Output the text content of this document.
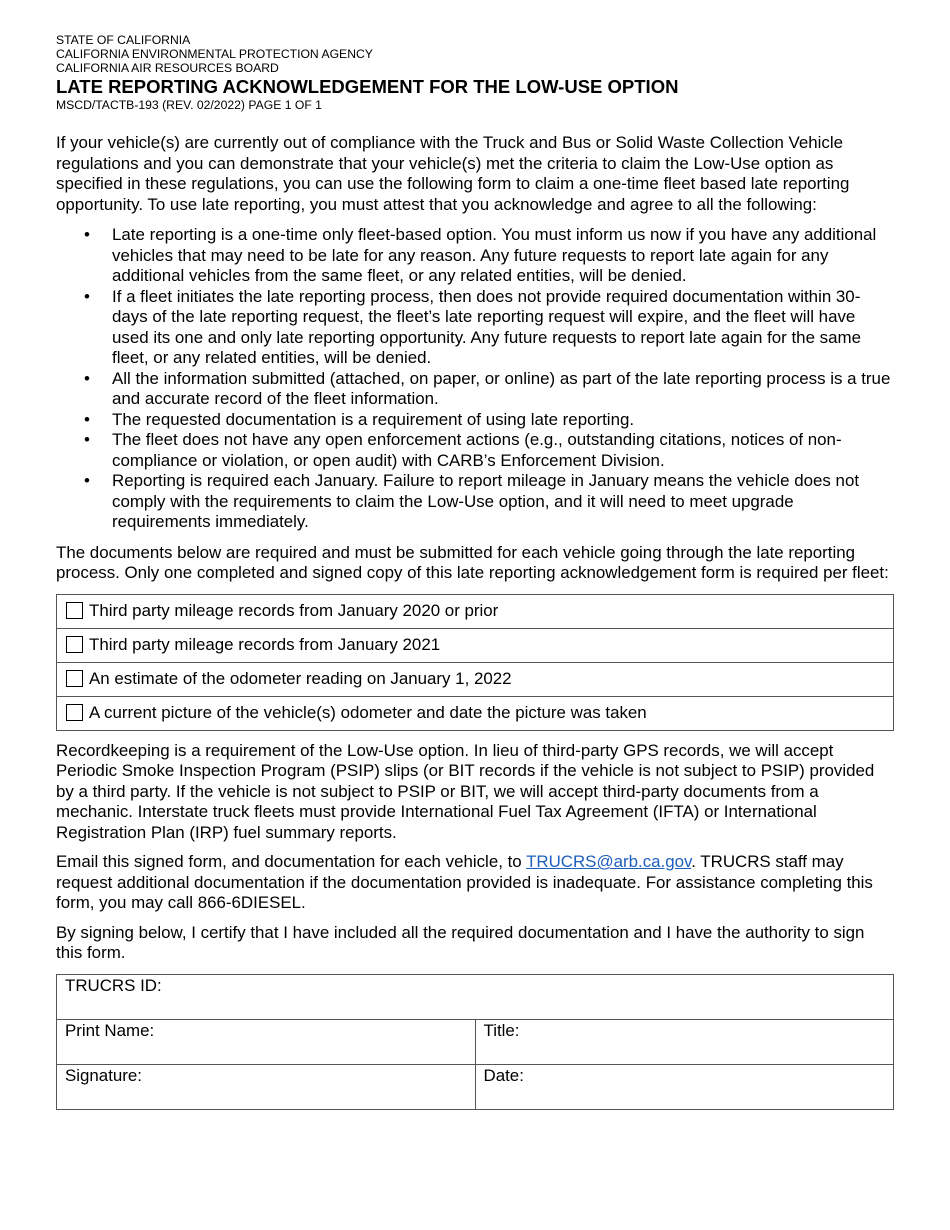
STATE OF CALIFORNIA

CALIFORNIA ENVIRONMENTAL PROTECTION AGENCY

CALIFORNIA AIR RESOURCES BOARD

LATE REPORTING ACKNOWLEDGEMENT FOR THE LOW-USE OPTION

MSCD/TACTB-193 (REV. 02/2022) PAGE 1 OF 1

If your vehicle(s) are currently out of compliance with the Truck and Bus or Solid Waste Collection Vehicle regulations and you can demonstrate that your vehicle(s) met the criteria to claim the Low-Use option as specified in these regulations, you can use the following form to claim a one-time fleet based late reporting opportunity. To use late reporting, you must attest that you acknowledge and agree to all the following:

• Late reporting is a one-time only fleet-based option. You must inform us now if you have any additional vehicles that may need to be late for any reason. Any future requests to report late again for any additional vehicles from the same fleet, or any related entities, will be denied.
• If a fleet initiates the late reporting process, then does not provide required documentation within 30-days of the late reporting request, the fleet’s late reporting request will expire, and the fleet will have used its one and only late reporting opportunity. Any future requests to report late again for the same fleet, or any related entities, will be denied.
• All the information submitted (attached, on paper, or online) as part of the late reporting process is a true and accurate record of the fleet information.
• The requested documentation is a requirement of using late reporting.
• The fleet does not have any open enforcement actions (e.g., outstanding citations, notices of non-compliance or violation, or open audit) with CARB’s Enforcement Division.
• Reporting is required each January. Failure to report mileage in January means the vehicle does not comply with the requirements to claim the Low-Use option, and it will need to meet upgrade requirements immediately.

The documents below are required and must be submitted for each vehicle going through the late reporting process. Only one completed and signed copy of this late reporting acknowledgement form is required per fleet:

Third party mileage records from January 2020 or prior
Third party mileage records from January 2021
An estimate of the odometer reading on January 1, 2022
A current picture of the vehicle(s) odometer and date the picture was taken

Recordkeeping is a requirement of the Low-Use option. In lieu of third-party GPS records, we will accept Periodic Smoke Inspection Program (PSIP) slips (or BIT records if the vehicle is not subject to PSIP) provided by a third party. If the vehicle is not subject to PSIP or BIT, we will accept third-party documents from a mechanic. Interstate truck fleets must provide International Fuel Tax Agreement (IFTA) or International Registration Plan (IRP) fuel summary reports.

Email this signed form, and documentation for each vehicle, to TRUCRS@arb.ca.gov. TRUCRS staff may request additional documentation if the documentation provided is inadequate. For assistance completing this form, you may call 866-6DIESEL.

By signing below, I certify that I have included all the required documentation and I have the authority to sign this form.

TRUCRS ID:	
Print Name:	Title:
Signature:	Date:
